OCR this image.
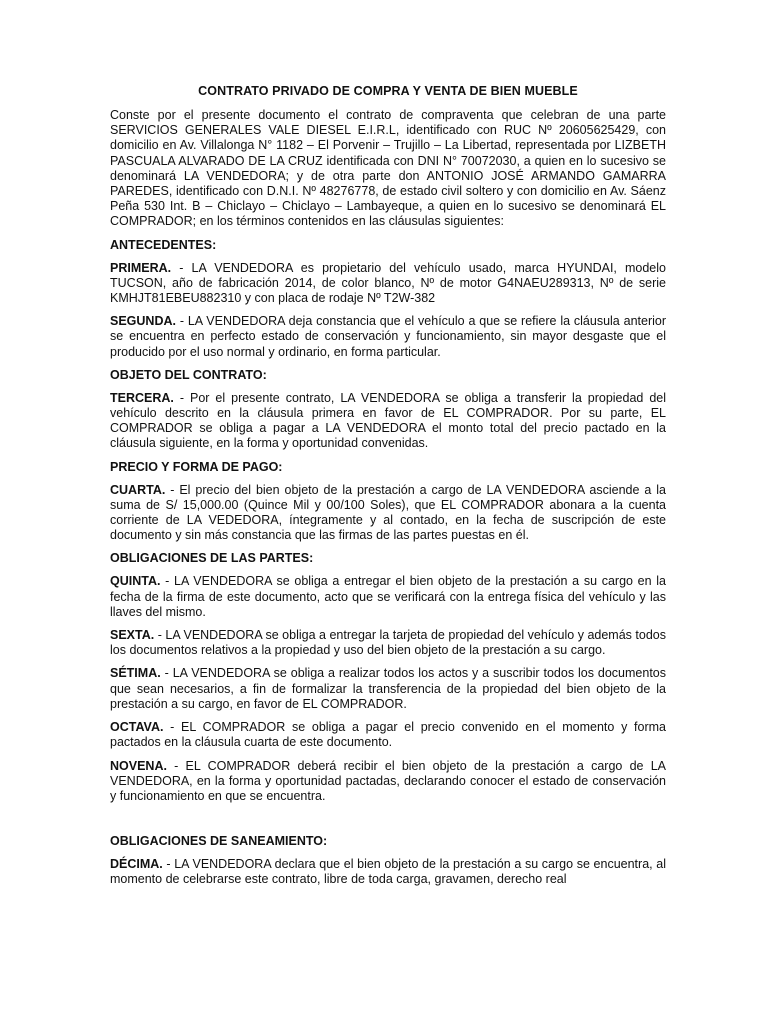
CONTRATO PRIVADO DE COMPRA Y VENTA DE BIEN MUEBLE

Conste por el presente documento el contrato de compraventa que celebran de una parte SERVICIOS GENERALES VALE DIESEL E.I.R.L, identificado con RUC Nº 20605625429, con domicilio en Av. Villalonga N° 1182 – El Porvenir – Trujillo – La Libertad, representada por LIZBETH PASCUALA ALVARADO DE LA CRUZ identificada con DNI N° 70072030, a quien en lo sucesivo se denominará LA VENDEDORA; y de otra parte don ANTONIO JOSÉ ARMANDO GAMARRA PAREDES, identificado con D.N.I. Nº 48276778, de estado civil soltero y con domicilio en Av. Sáenz Peña 530 Int. B – Chiclayo – Chiclayo – Lambayeque, a quien en lo sucesivo se denominará EL COMPRADOR; en los términos contenidos en las cláusulas siguientes:

ANTECEDENTES:

PRIMERA. - LA VENDEDORA es propietario del vehículo usado, marca HYUNDAI, modelo TUCSON, año de fabricación 2014, de color blanco, Nº de motor G4NAEU289313, Nº de serie KMHJT81EBEU882310 y con placa de rodaje Nº T2W-382

SEGUNDA. - LA VENDEDORA deja constancia que el vehículo a que se refiere la cláusula anterior se encuentra en perfecto estado de conservación y funcionamiento, sin mayor desgaste que el producido por el uso normal y ordinario, en forma particular.

OBJETO DEL CONTRATO:

TERCERA. - Por el presente contrato, LA VENDEDORA se obliga a transferir la propiedad del vehículo descrito en la cláusula primera en favor de EL COMPRADOR. Por su parte, EL COMPRADOR se obliga a pagar a LA VENDEDORA el monto total del precio pactado en la cláusula siguiente, en la forma y oportunidad convenidas.

PRECIO Y FORMA DE PAGO:

CUARTA. - El precio del bien objeto de la prestación a cargo de LA VENDEDORA asciende a la suma de S/ 15,000.00 (Quince Mil y 00/100 Soles), que EL COMPRADOR abonara a la cuenta corriente de LA VEDEDORA, íntegramente y al contado, en la fecha de suscripción de este documento y sin más constancia que las firmas de las partes puestas en él.

OBLIGACIONES DE LAS PARTES:

QUINTA. - LA VENDEDORA se obliga a entregar el bien objeto de la prestación a su cargo en la fecha de la firma de este documento, acto que se verificará con la entrega física del vehículo y las llaves del mismo.

SEXTA. - LA VENDEDORA se obliga a entregar la tarjeta de propiedad del vehículo y además todos los documentos relativos a la propiedad y uso del bien objeto de la prestación a su cargo.

SÉTIMA. - LA VENDEDORA se obliga a realizar todos los actos y a suscribir todos los documentos que sean necesarios, a fin de formalizar la transferencia de la propiedad del bien objeto de la prestación a su cargo, en favor de EL COMPRADOR.

OCTAVA. - EL COMPRADOR se obliga a pagar el precio convenido en el momento y forma pactados en la cláusula cuarta de este documento.

NOVENA. - EL COMPRADOR deberá recibir el bien objeto de la prestación a cargo de LA VENDEDORA, en la forma y oportunidad pactadas, declarando conocer el estado de conservación y funcionamiento en que se encuentra.

OBLIGACIONES DE SANEAMIENTO:

DÉCIMA. - LA VENDEDORA declara que el bien objeto de la prestación a su cargo se encuentra, al momento de celebrarse este contrato, libre de toda carga, gravamen, derecho real
